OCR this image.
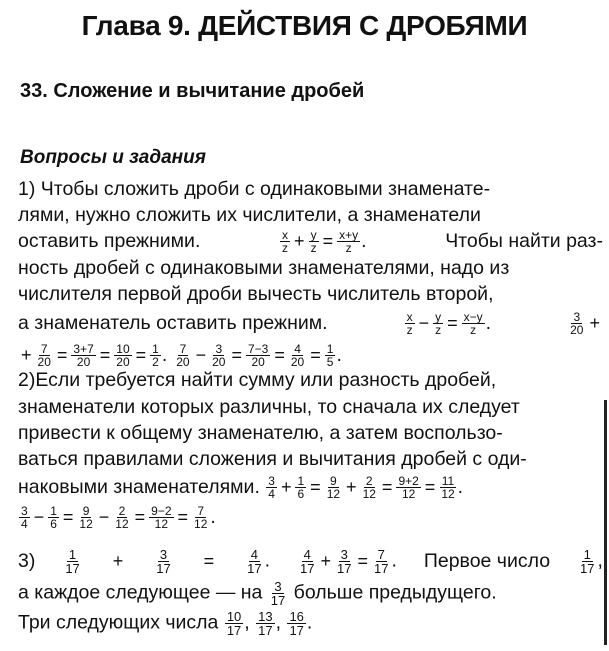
Глава 9. ДЕЙСТВИЯ С ДРОБЯМИ
33. Сложение и вычитание дробей
Вопросы и задания
1) Чтобы сложить дроби с одинаковыми знаменате-
лями, нужно сложить их числители, а знаменатели
оставить прежними.	$\frac{x}{z} + \frac{y}{z} = \frac{x+y}{z}$ .	Чтобы найти раз-
ность дробей с одинаковыми знаменателями, надо из
числителя первой дроби вычесть числитель второй,
а знаменатель оставить прежним.	$\frac{x}{z} - \frac{y}{z} = \frac{x-y}{z}$ .	$\frac{3}{20}$ +
+ $\frac{7}{20} = \frac{3+7}{20} = \frac{10}{20} = \frac{1}{2}$ . $\frac{7}{20} - \frac{3}{20} = \frac{7-3}{20} = \frac{4}{20} = \frac{1}{5}$ .
2)Если требуется найти сумму или разность дробей,
знаменатели которых различны, то сначала их следует
привести к общему знаменателю, а затем воспользо-
ваться правилами сложения и вычитания дробей с оди-
наковыми знаменателями. $\frac{3}{4} + \frac{1}{6} = \frac{9}{12} + \frac{2}{12} = \frac{9+2}{12} = \frac{11}{12}$ .
$\frac{3}{4} - \frac{1}{6} = \frac{9}{12} - \frac{2}{12} = \frac{9-2}{12} = \frac{7}{12}$ .
$3) \frac{1}{17} + \frac{3}{17} = \frac{4}{17}$ . $\frac{4}{17} + \frac{3}{17} = \frac{7}{17}$ . Первое число $\frac{1}{17}$ ,
а каждое следующее — на $\frac{3}{17}$ больше предыдущего.
Три следующих числа $\frac{10}{17}$ , $\frac{13}{17}$ , $\frac{16}{17}$ .
